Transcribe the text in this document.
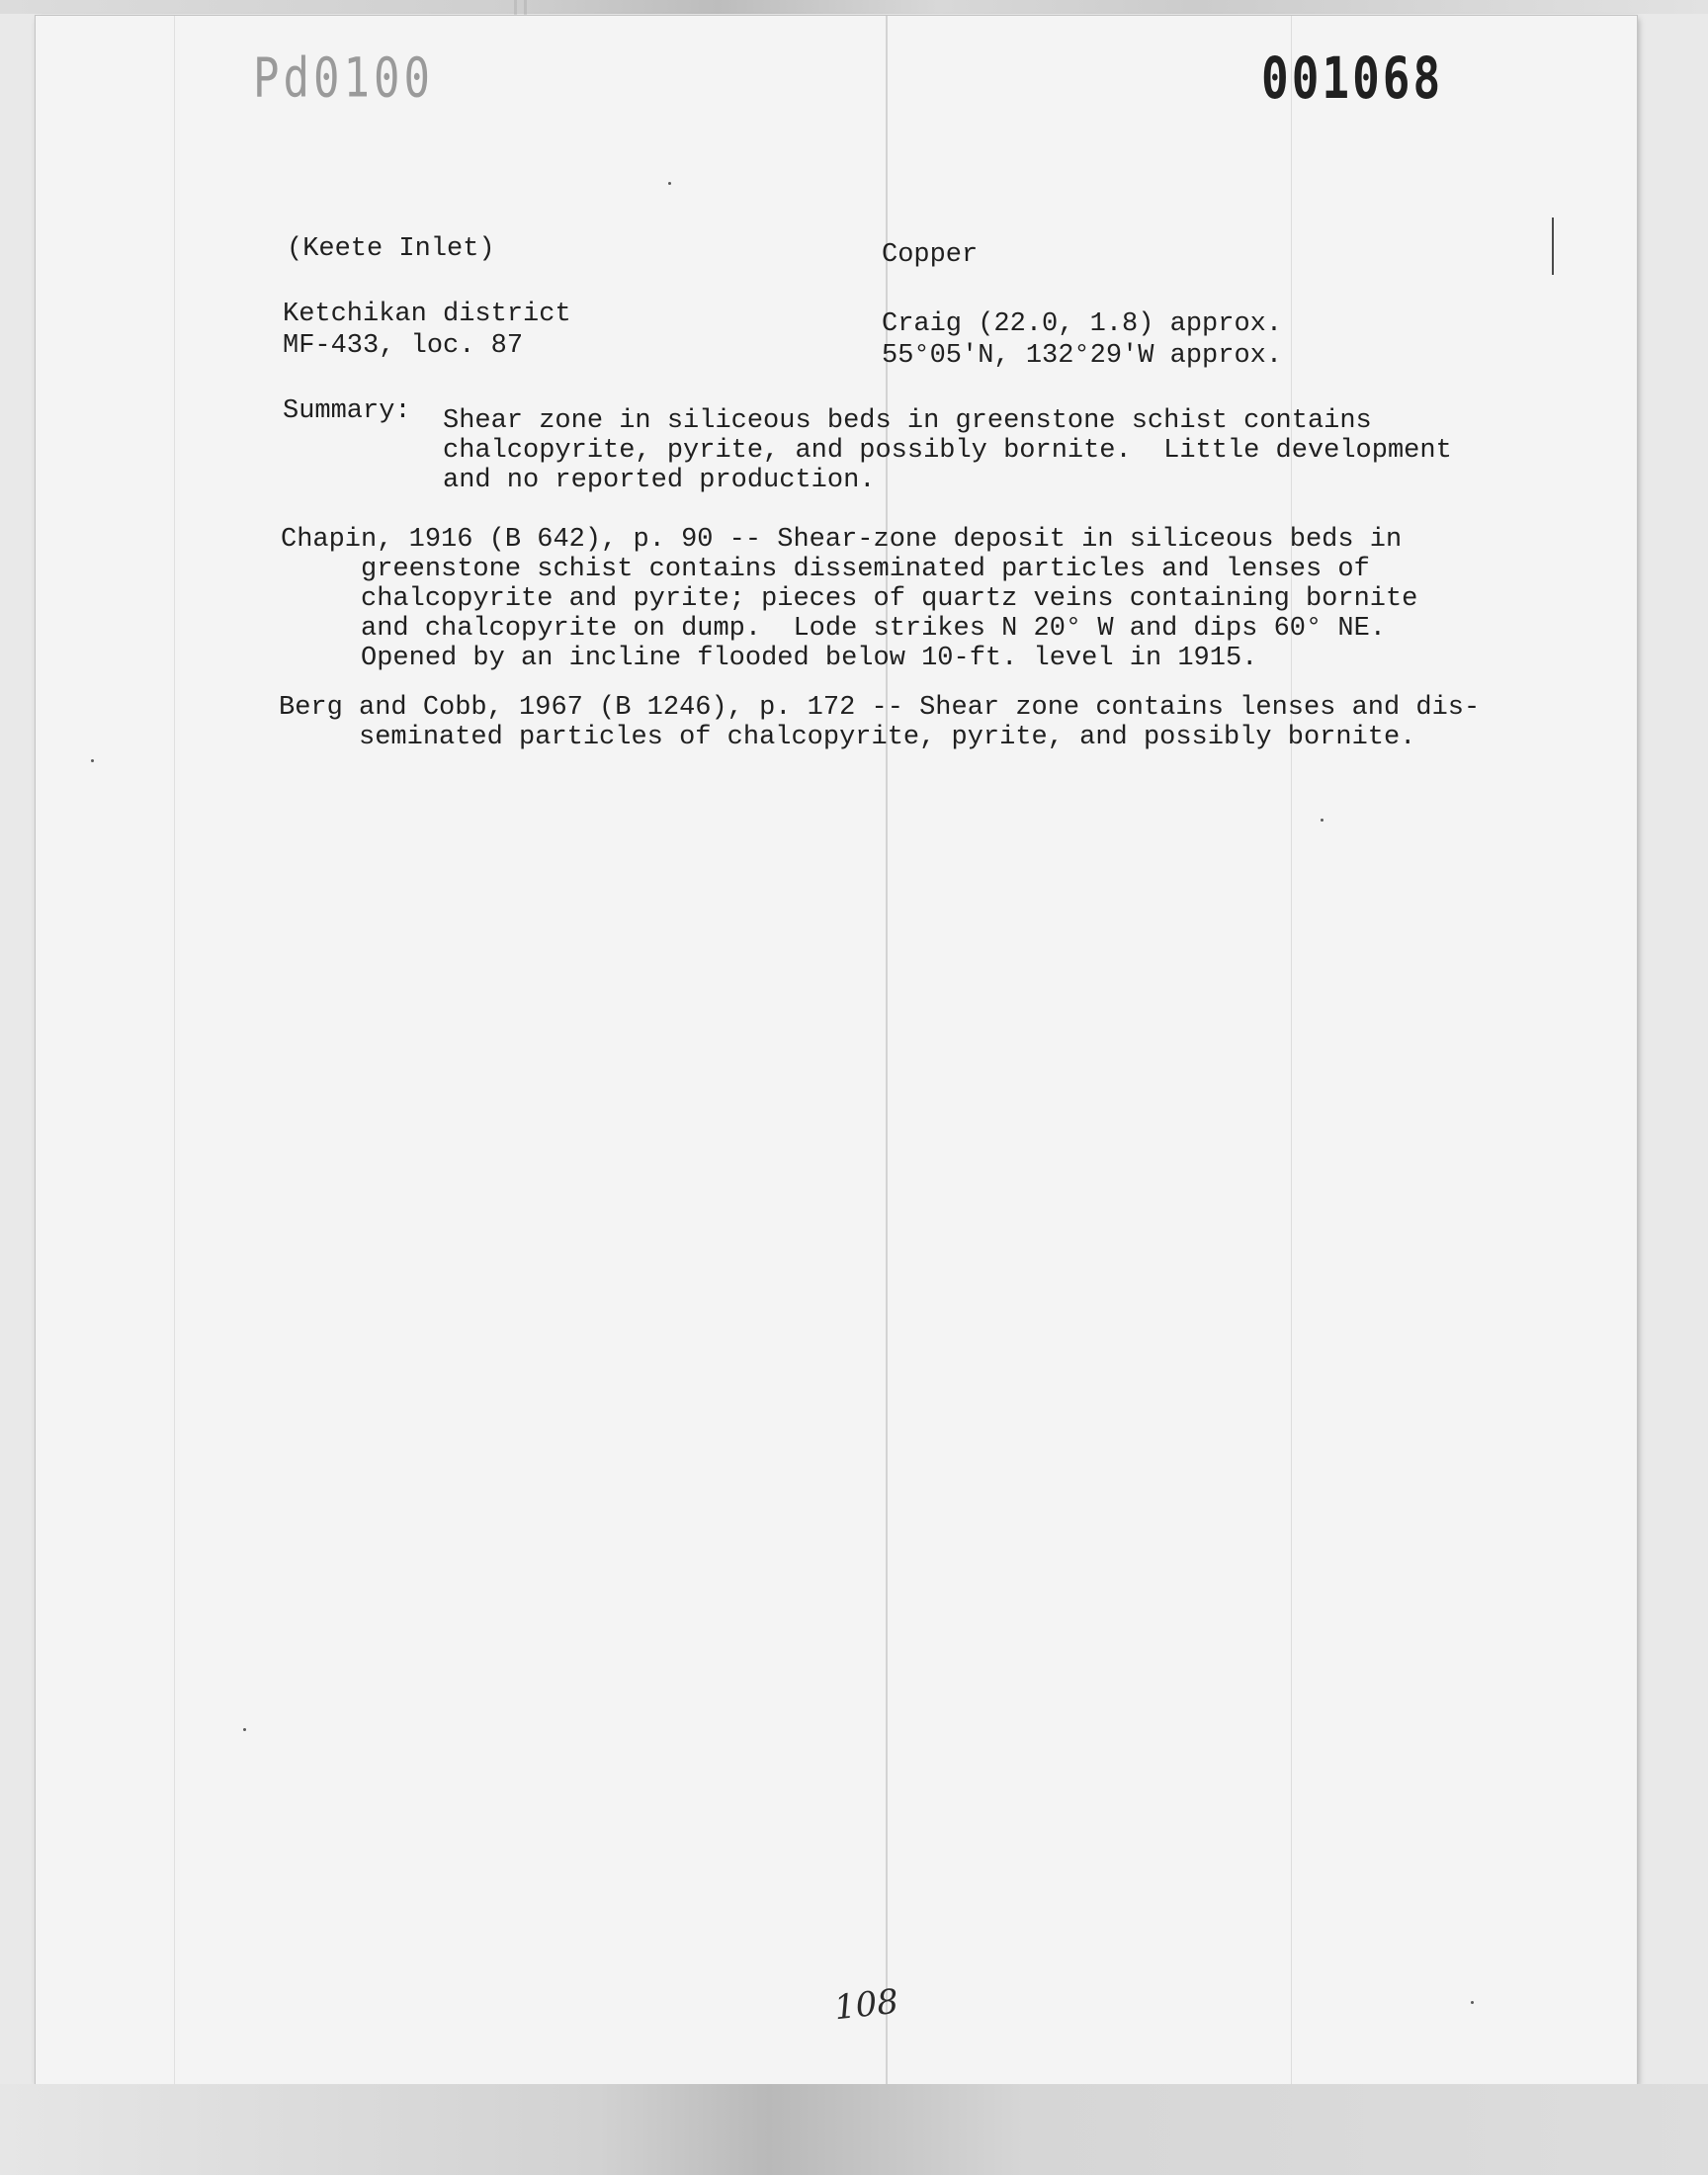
Pd0100	001068
(Keete Inlet)	Copper
Ketchikan district
MF-433, loc. 87
Craig (22.0, 1.8) approx.
55°05'N, 132°29'W approx.
Summary: Shear zone in siliceous beds in greenstone schist contains
chalcopyrite, pyrite, and possibly bornite.  Little development
and no reported production.
Chapin, 1916 (B 642), p. 90 -- Shear-zone deposit in siliceous beds in
greenstone schist contains disseminated particles and lenses of
chalcopyrite and pyrite; pieces of quartz veins containing bornite
and chalcopyrite on dump.  Lode strikes N 20° W and dips 60° NE.
Opened by an incline flooded below 10-ft. level in 1915.
Berg and Cobb, 1967 (B 1246), p. 172 -- Shear zone contains lenses and dis-
seminated particles of chalcopyrite, pyrite, and possibly bornite.
108
